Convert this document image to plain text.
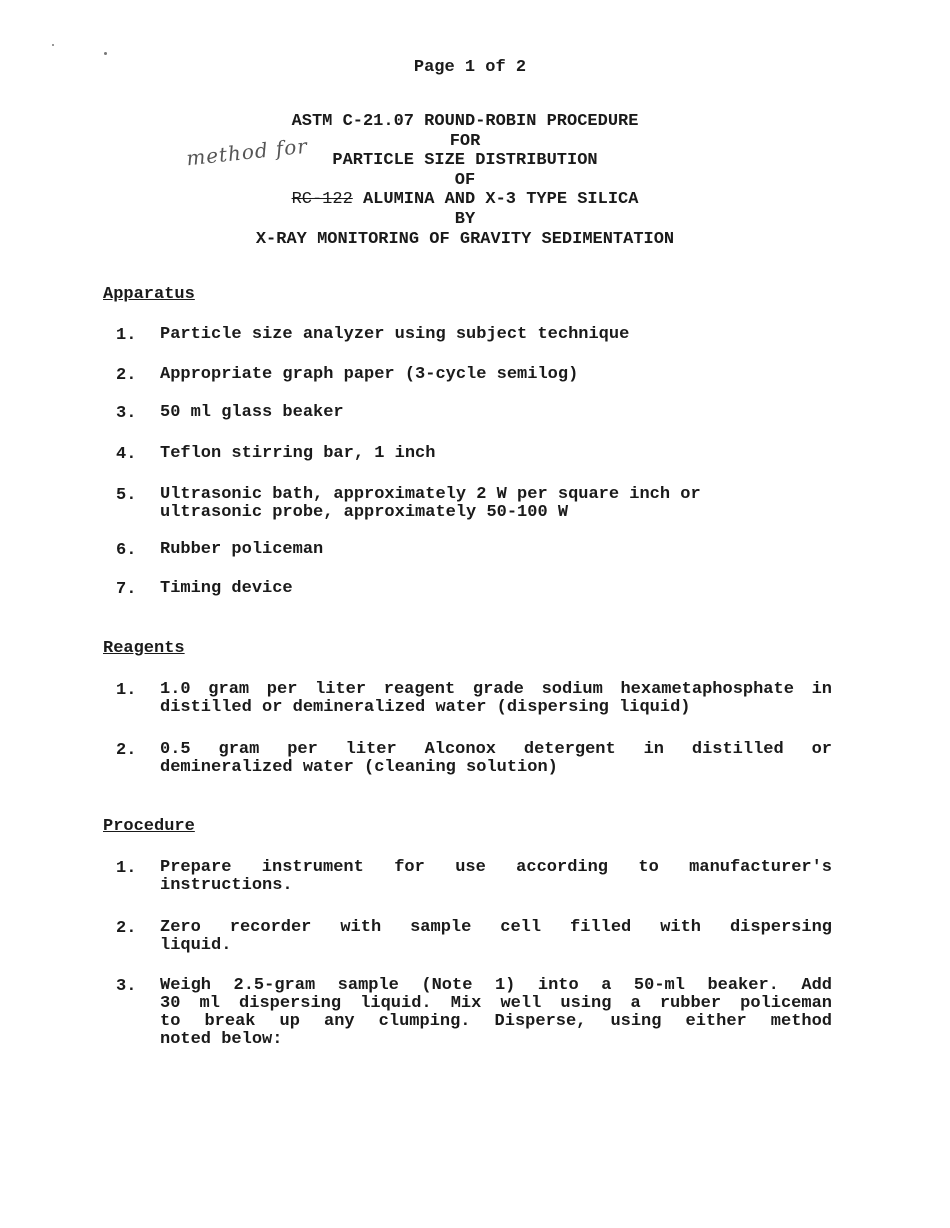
Page 1 of 2
ASTM C-21.07 ROUND-ROBIN PROCEDURE
FOR
PARTICLE SIZE DISTRIBUTION
OF
RC-122 ALUMINA AND X-3 TYPE SILICA
BY
X-RAY MONITORING OF GRAVITY SEDIMENTATION
method for
Apparatus
1. Particle size analyzer using subject technique
2. Appropriate graph paper (3-cycle semilog)
3. 50 ml glass beaker
4. Teflon stirring bar, 1 inch
5. Ultrasonic bath, approximately 2 W per square inch or
ultrasonic probe, approximately 50-100 W
6. Rubber policeman
7. Timing device
Reagents
1. 1.0 gram per liter reagent grade sodium hexametaphosphate in
distilled or demineralized water (dispersing liquid)
2. 0.5 gram per liter Alconox detergent in distilled or
demineralized water (cleaning solution)
Procedure
1. Prepare instrument for use according to manufacturer's
instructions.
2. Zero recorder with sample cell filled with dispersing
liquid.
3. Weigh 2.5-gram sample (Note 1) into a 50-ml beaker. Add
30 ml dispersing liquid. Mix well using a rubber policeman
to break up any clumping. Disperse, using either method
noted below:
